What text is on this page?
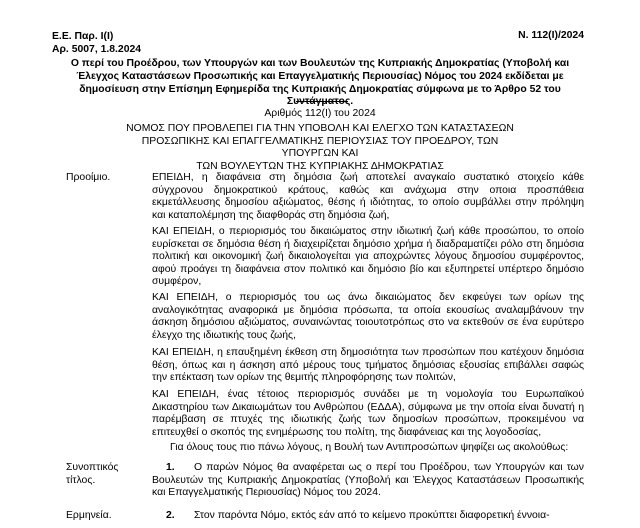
Ε.Ε. Παρ. Ι(Ι)
Αρ. 5007, 1.8.2024
Ν. 112(Ι)/2024
Ο περί του Προέδρου, των Υπουργών και των Βουλευτών της Κυπριακής Δημοκρατίας (Υποβολή και Έλεγχος Καταστάσεων Προσωπικής και Επαγγελματικής Περιουσίας) Νόμος του 2024 εκδίδεται με δημοσίευση στην Επίσημη Εφημερίδα της Κυπριακής Δημοκρατίας σύμφωνα με το Άρθρο 52 του Συντάγματος.
Αριθμός 112(Ι) του 2024
ΝΟΜΟΣ ΠΟΥ ΠΡΟΒΛΕΠΕΙ ΓΙΑ ΤΗΝ ΥΠΟΒΟΛΗ ΚΑΙ ΕΛΕΓΧΟ ΤΩΝ ΚΑΤΑΣΤΑΣΕΩΝ
ΠΡΟΣΩΠΙΚΗΣ ΚΑΙ ΕΠΑΓΓΕΛΜΑΤΙΚΗΣ ΠΕΡΙΟΥΣΙΑΣ ΤΟΥ ΠΡΟΕΔΡΟΥ, ΤΩΝ ΥΠΟΥΡΓΩΝ ΚΑΙ
ΤΩΝ ΒΟΥΛΕΥΤΩΝ ΤΗΣ ΚΥΠΡΙΑΚΗΣ ΔΗΜΟΚΡΑΤΙΑΣ
Προοίμιο.	ΕΠΕΙΔΗ, η διαφάνεια στη δημόσια ζωή αποτελεί αναγκαίο συστατικό στοιχείο κάθε σύγχρονου δημοκρατικού κράτους, καθώς και ανάχωμα στην οποια προσπάθεια εκμετάλλευσης δημοσίου αξιώματος, θέσης ή ιδιότητας, το οποίο συμβάλλει στην πρόληψη και καταπολέμηση της διαφθοράς στη δημόσια ζωή,
ΚΑΙ ΕΠΕΙΔΗ, ο περιορισμός του δικαιώματος στην ιδιωτική ζωή κάθε προσώπου, το οποίο ευρίσκεται σε δημόσια θέση ή διαχειρίζεται δημόσιο χρήμα ή διαδραματίζει ρόλο στη δημόσια πολιτική και οικονομική ζωή δικαιολογείται για αποχρώντες λόγους δημοσίου συμφέροντος, αφού προάγει τη διαφάνεια στον πολιτικό και δημόσιο βίο και εξυπηρετεί υπέρτερο δημόσιο συμφέρον,
ΚΑΙ ΕΠΕΙΔΗ, ο περιορισμός του ως άνω δικαιώματος δεν εκφεύγει των ορίων της αναλογικότητας αναφορικά με δημόσια πρόσωπα, τα οποία εκουσίως αναλαμβάνουν την άσκηση δημόσιου αξιώματος, συναινώντας τοιουτοτρόπως στο να εκτεθούν σε ένα ευρύτερο έλεγχο της ιδιωτικής τους ζωής,
ΚΑΙ ΕΠΕΙΔΗ, η επαυξημένη έκθεση στη δημοσιότητα των προσώπων που κατέχουν δημόσια θέση, όπως και η άσκηση από μέρους τους τμήματος δημόσιας εξουσίας επιβάλλει σαφώς την επέκταση των ορίων της θεμιτής πληροφόρησης των πολιτών,
ΚΑΙ ΕΠΕΙΔΗ, ένας τέτοιος περιορισμός συνάδει με τη νομολογία του Ευρωπαϊκού Δικαστηρίου των Δικαιωμάτων του Ανθρώπου (ΕΔΔΑ), σύμφωνα με την οποία είναι δυνατή η παρέμβαση σε πτυχές της ιδιωτικής ζωής των δημοσίων προσώπων, προκειμένου να επιτευχθεί ο σκοπός της ενημέρωσης του πολίτη, της διαφάνειας και της λογοδοσίας,
Για όλους τους πιο πάνω λόγους, η Βουλή των Αντιπροσώπων ψηφίζει ως ακολούθως:
Συνοπτικός
τίτλος.
1. Ο παρών Νόμος θα αναφέρεται ως ο περί του Προέδρου, των Υπουργών και των Βουλευτών της Κυπριακής Δημοκρατίας (Υποβολή και Έλεγχος Καταστάσεων Προσωπικής και Επαγγελματικής Περιουσίας) Νόμος του 2024.
Ερμηνεία.	2. Στον παρόντα Νόμο, εκτός εάν από το κείμενο προκύπτει διαφορετική έννοια-
